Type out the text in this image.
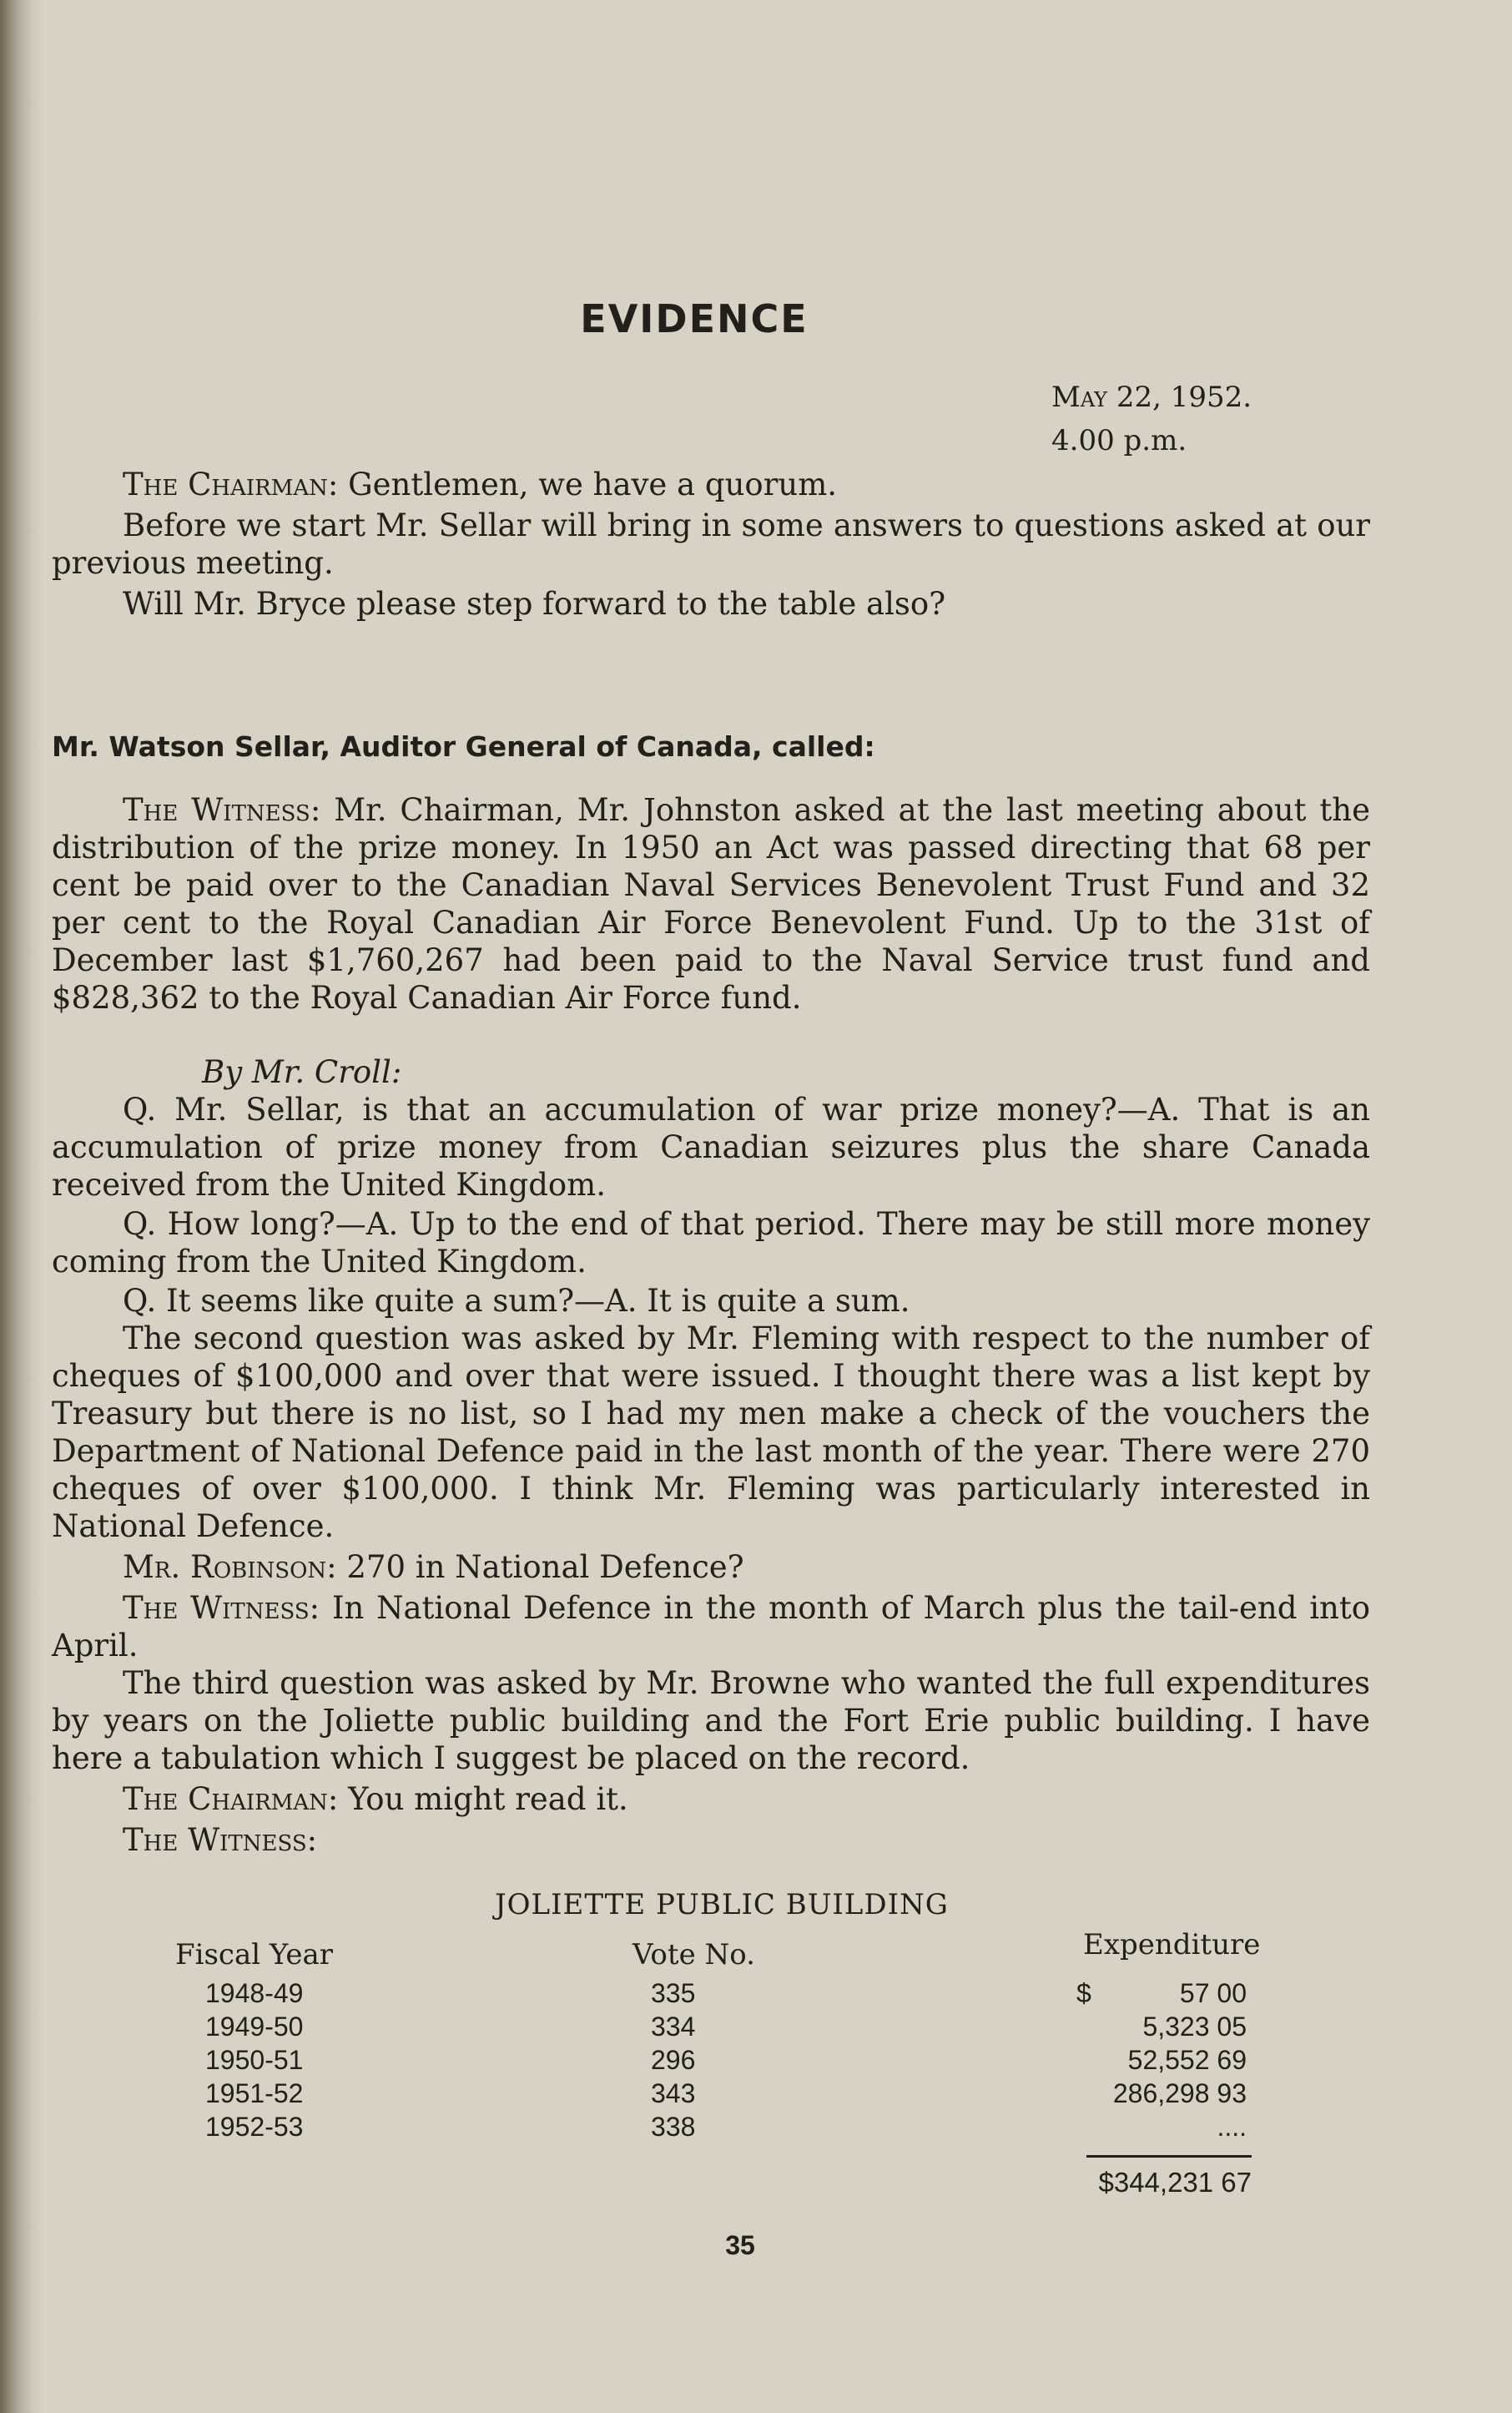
EVIDENCE
May 22, 1952.
4.00 p.m.

The Chairman: Gentlemen, we have a quorum.

Before we start Mr. Sellar will bring in some answers to questions asked at our previous meeting.

Will Mr. Bryce please step forward to the table also?

Mr. Watson Sellar, Auditor General of Canada, called:

The Witness: Mr. Chairman, Mr. Johnston asked at the last meeting about the distribution of the prize money. In 1950 an Act was passed directing that 68 per cent be paid over to the Canadian Naval Services Benevolent Trust Fund and 32 per cent to the Royal Canadian Air Force Benevolent Fund. Up to the 31st of December last $1,760,267 had been paid to the Naval Service trust fund and $828,362 to the Royal Canadian Air Force fund.

By Mr. Croll:

Q. Mr. Sellar, is that an accumulation of war prize money?—A. That is an accumulation of prize money from Canadian seizures plus the share Canada received from the United Kingdom.

Q. How long?—A. Up to the end of that period. There may be still more money coming from the United Kingdom.

Q. It seems like quite a sum?—A. It is quite a sum.

The second question was asked by Mr. Fleming with respect to the number of cheques of $100,000 and over that were issued. I thought there was a list kept by Treasury but there is no list, so I had my men make a check of the vouchers the Department of National Defence paid in the last month of the year. There were 270 cheques of over $100,000. I think Mr. Fleming was particularly interested in National Defence.

Mr. Robinson: 270 in National Defence?

The Witness: In National Defence in the month of March plus the tail-end into April.

The third question was asked by Mr. Browne who wanted the full expenditures by years on the Joliette public building and the Fort Erie public building. I have here a tabulation which I suggest be placed on the record.

The Chairman: You might read it.

The Witness:

JOLIETTE PUBLIC BUILDING
Fiscal Year	Vote No.	Expenditure
1948-49	335	$	57 00
1949-50	334	5,323 05
1950-51	296	52,552 69
1951-52	343	286,298 93
1952-53	338	....
$344,231 67
35
